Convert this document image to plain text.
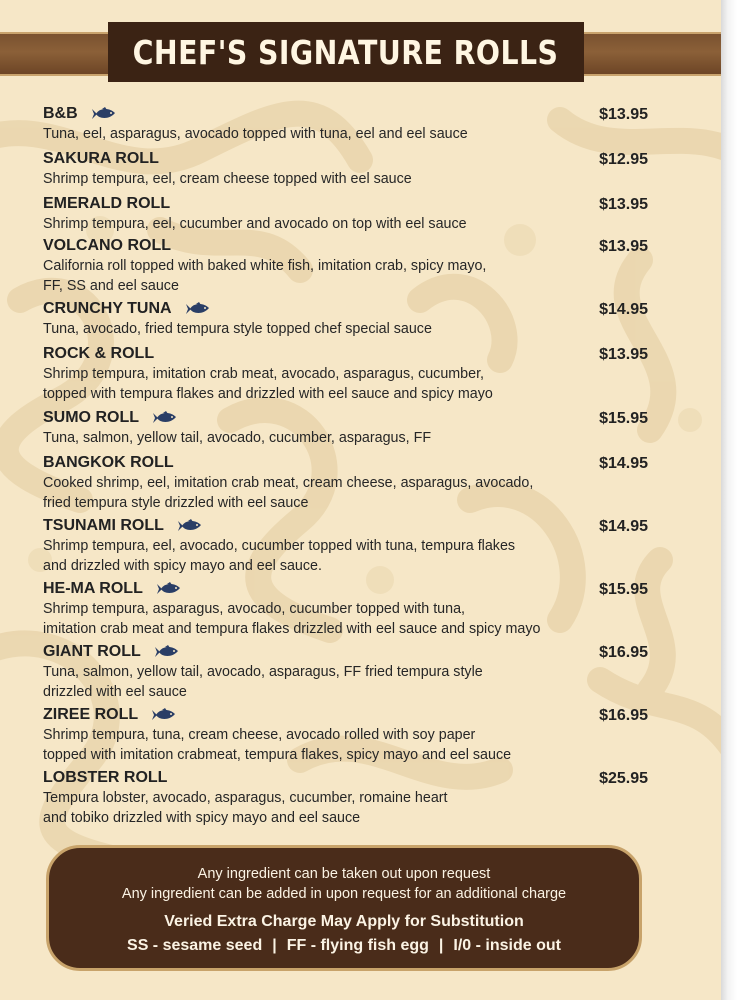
CHEF'S SIGNATURE ROLLS
B&B	$13.95
Tuna, eel, asparagus, avocado topped with tuna, eel and eel sauce
SAKURA ROLL	$12.95
Shrimp tempura, eel, cream cheese topped with eel sauce
EMERALD ROLL	$13.95
Shrimp tempura, eel, cucumber and avocado on top with eel sauce
VOLCANO ROLL	$13.95
California roll topped with baked white fish, imitation crab, spicy mayo,
FF, SS and eel sauce
CRUNCHY TUNA	$14.95
Tuna, avocado, fried tempura style topped chef special sauce
ROCK & ROLL	$13.95
Shrimp tempura, imitation crab meat, avocado, asparagus, cucumber,
topped with tempura flakes and drizzled with eel sauce and spicy mayo
SUMO ROLL	$15.95
Tuna, salmon, yellow tail, avocado, cucumber, asparagus, FF
BANGKOK ROLL	$14.95
Cooked shrimp, eel, imitation crab meat, cream cheese, asparagus, avocado,
fried tempura style drizzled with eel sauce
TSUNAMI ROLL	$14.95
Shrimp tempura, eel, avocado, cucumber topped with tuna, tempura flakes
and drizzled with spicy mayo and eel sauce.
HE-MA ROLL	$15.95
Shrimp tempura, asparagus, avocado, cucumber topped with tuna,
imitation crab meat and tempura flakes drizzled with eel sauce and spicy mayo
GIANT ROLL	$16.95
Tuna, salmon, yellow tail, avocado, asparagus, FF fried tempura style
drizzled with eel sauce
ZIREE ROLL	$16.95
Shrimp tempura, tuna, cream cheese, avocado rolled with soy paper
topped with imitation crabmeat, tempura flakes, spicy mayo and eel sauce
LOBSTER ROLL	$25.95
Tempura lobster, avocado, asparagus, cucumber, romaine heart
and tobiko drizzled with spicy mayo and eel sauce
Any ingredient can be taken out upon request
Any ingredient can be added in upon request for an additional charge
Veried Extra Charge May Apply for Substitution
SS - sesame seed | FF - flying fish egg | I/0 - inside out
